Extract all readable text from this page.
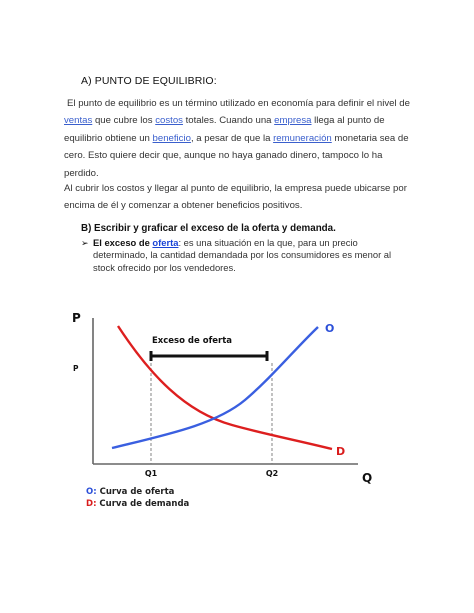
A) PUNTO DE EQUILIBRIO:
El punto de equilibrio es un término utilizado en economía para definir el nivel de ventas que cubre los costos totales. Cuando una empresa llega al punto de equilibrio obtiene un beneficio, a pesar de que la remuneración monetaria sea de cero. Esto quiere decir que, aunque no haya ganado dinero, tampoco lo ha perdido.
Al cubrir los costos y llegar al punto de equilibrio, la empresa puede ubicarse por encima de él y comenzar a obtener beneficios positivos.
B) Escribir y graficar el exceso de la oferta y demanda.
➢ El exceso de oferta: es una situación en la que, para un precio determinado, la cantidad demandada por los consumidores es menor al stock ofrecido por los vendedores.
P
P
Q
Q1	Q2
Exceso de oferta
O
D
O: Curva de oferta
D: Curva de demanda
